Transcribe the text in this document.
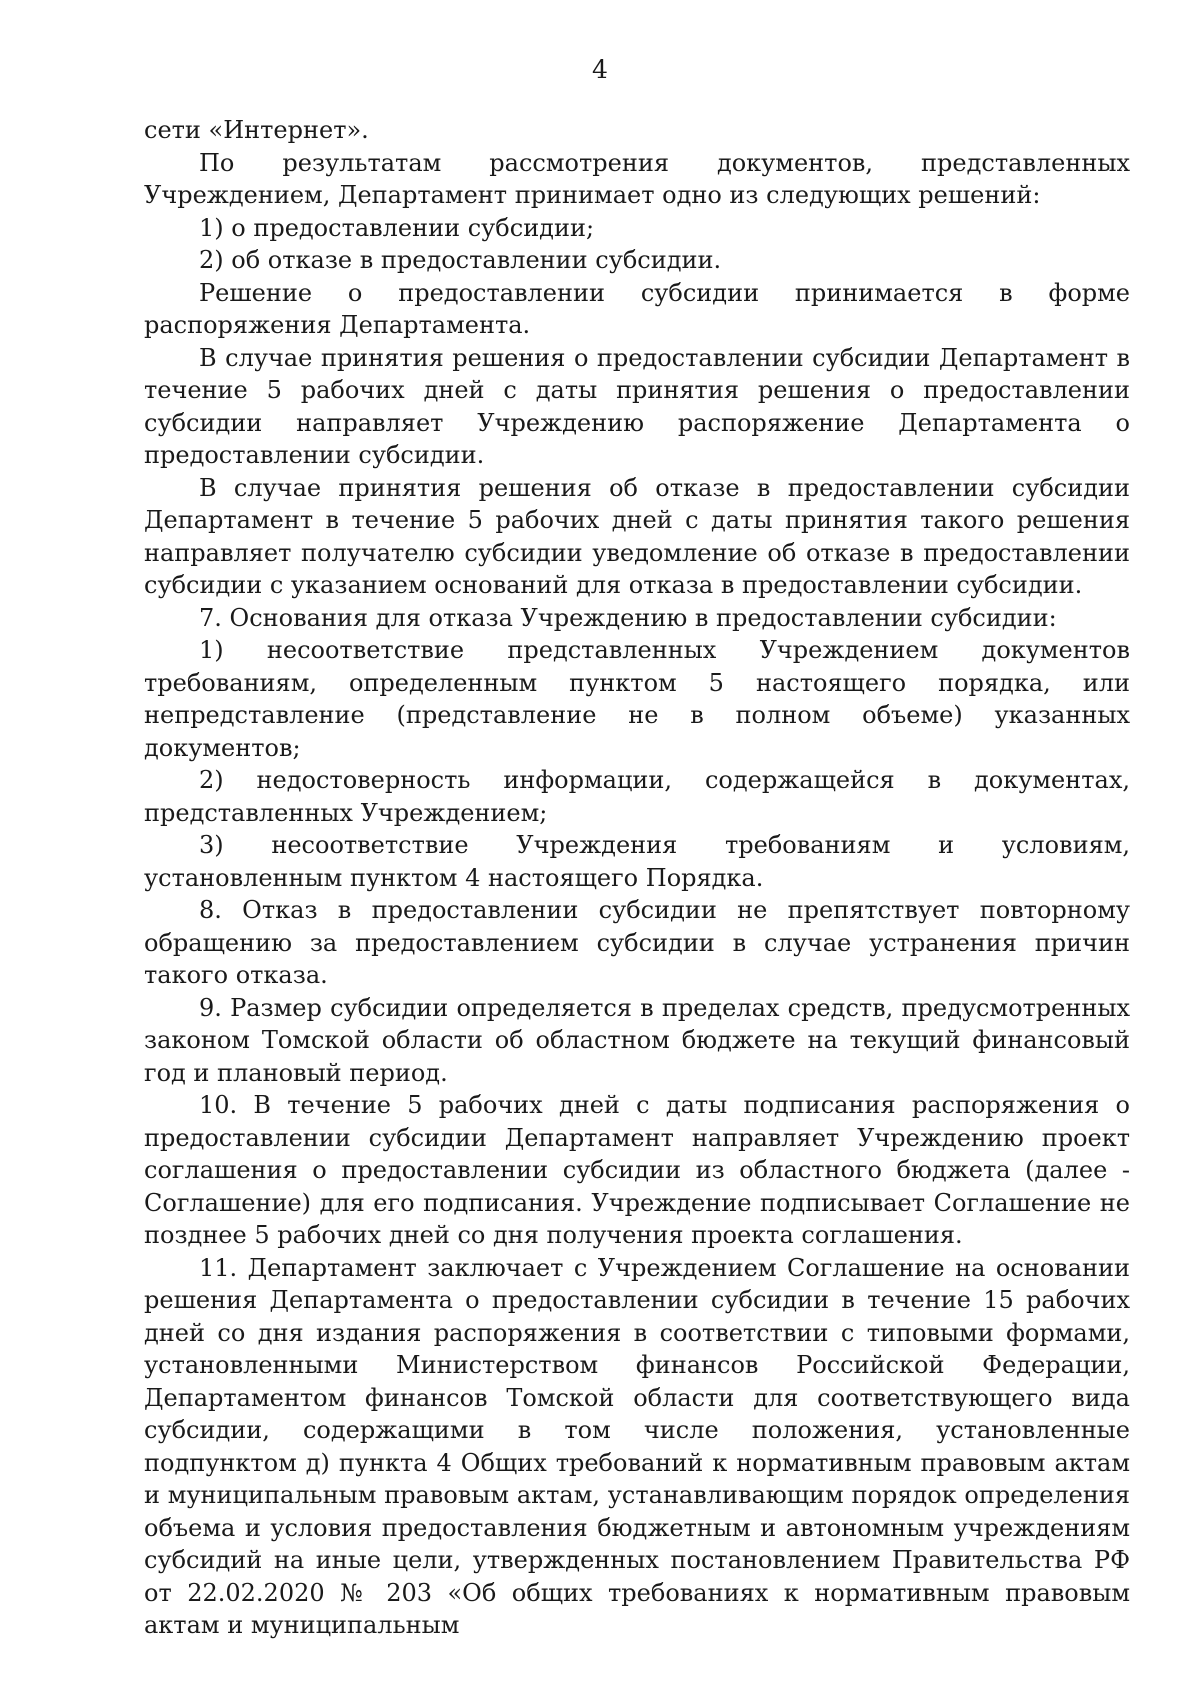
4

сети «Интернет».

По результатам рассмотрения документов, представленных Учреждением, Департамент принимает одно из следующих решений:

1) о предоставлении субсидии;

2) об отказе в предоставлении субсидии.

Решение о предоставлении субсидии принимается в форме распоряжения Департамента.

В случае принятия решения о предоставлении субсидии Департамент в течение 5 рабочих дней с даты принятия решения о предоставлении субсидии направляет Учреждению распоряжение Департамента о предоставлении субсидии.

В случае принятия решения об отказе в предоставлении субсидии Департамент в течение 5 рабочих дней с даты принятия такого решения направляет получателю субсидии уведомление об отказе в предоставлении субсидии с указанием оснований для отказа в предоставлении субсидии.

7. Основания для отказа Учреждению в предоставлении субсидии:

1) несоответствие представленных Учреждением документов требованиям, определенным пунктом 5 настоящего порядка, или непредставление (представление не в полном объеме) указанных документов;

2) недостоверность информации, содержащейся в документах, представленных Учреждением;

3) несоответствие Учреждения требованиям и условиям, установленным пунктом 4 настоящего Порядка.

8. Отказ в предоставлении субсидии не препятствует повторному обращению за предоставлением субсидии в случае устранения причин такого отказа.

9. Размер субсидии определяется в пределах средств, предусмотренных законом Томской области об областном бюджете на текущий финансовый год и плановый период.

10. В течение 5 рабочих дней с даты подписания распоряжения о предоставлении субсидии Департамент направляет Учреждению проект соглашения о предоставлении субсидии из областного бюджета (далее - Соглашение) для его подписания. Учреждение подписывает Соглашение не позднее 5 рабочих дней со дня получения проекта соглашения.

11. Департамент заключает с Учреждением Соглашение на основании решения Департамента о предоставлении субсидии в течение 15 рабочих дней со дня издания распоряжения в соответствии с типовыми формами, установленными Министерством финансов Российской Федерации, Департаментом финансов Томской области для соответствующего вида субсидии, содержащими в том числе положения, установленные подпунктом д) пункта 4 Общих требований к нормативным правовым актам и муниципальным правовым актам, устанавливающим порядок определения объема и условия предоставления бюджетным и автономным учреждениям субсидий на иные цели, утвержденных постановлением Правительства РФ от 22.02.2020 № 203 «Об общих требованиях к нормативным правовым актам и муниципальным
